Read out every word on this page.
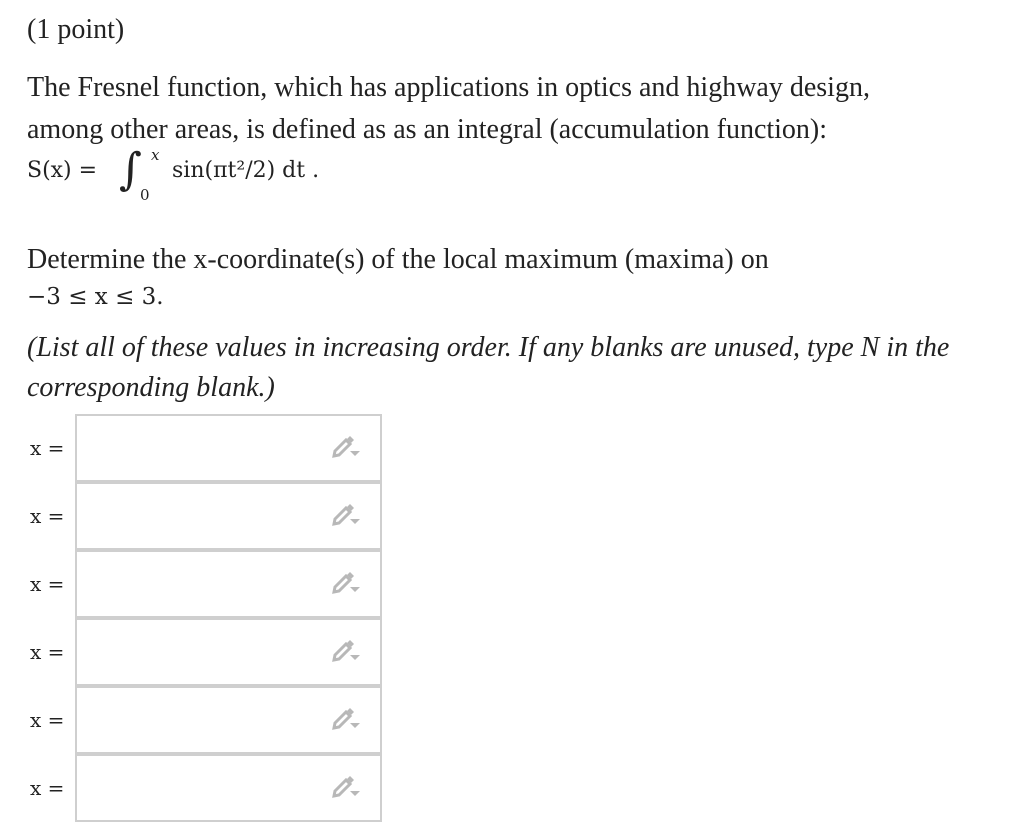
(1 point)
The Fresnel function, which has applications in optics and highway design,
among other areas, is defined as as an integral (accumulation function):
S(x) = ∫ x
0
sin(πt²/2) dt .
Determine the x-coordinate(s) of the local maximum (maxima) on
−3 ≤ x ≤ 3.
(List all of these values in increasing order. If any blanks are unused, type N in the
corresponding blank.)
x =
x =
x =
x =
x =
x =
